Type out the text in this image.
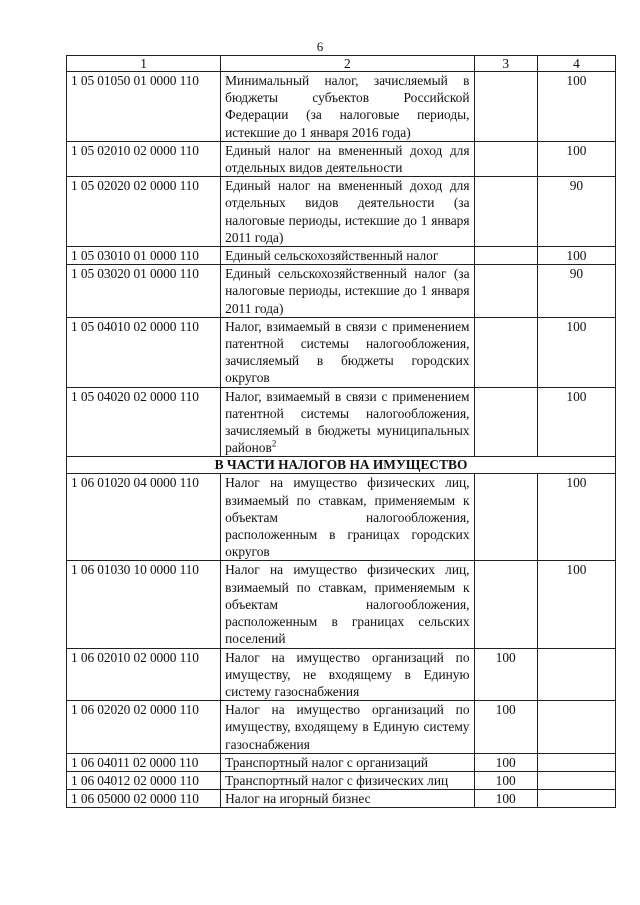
6
1	2	3	4
1 05 01050 01 0000 110	Минимальный налог, зачисляемый в бюджеты субъектов Российской Федерации (за налоговые периоды, истекшие до 1 января 2016 года)		100
1 05 02010 02 0000 110	Единый налог на вмененный доход для отдельных видов деятельности		100
1 05 02020 02 0000 110	Единый налог на вмененный доход для отдельных видов деятельности (за налоговые периоды, истекшие до 1 января 2011 года)		90
1 05 03010 01 0000 110	Единый сельскохозяйственный налог		100
1 05 03020 01 0000 110	Единый сельскохозяйственный налог (за налоговые периоды, истекшие до 1 января 2011 года)		90
1 05 04010 02 0000 110	Налог, взимаемый в связи с применением патентной системы налогообложения, зачисляемый в бюджеты городских округов		100
1 05 04020 02 0000 110	Налог, взимаемый в связи с применением патентной системы налогообложения, зачисляемый в бюджеты муниципальных районов$^2$		100
В ЧАСТИ НАЛОГОВ НА ИМУЩЕСТВО			
1 06 01020 04 0000 110	Налог на имущество физических лиц, взимаемый по ставкам, применяемым к объектам налогообложения, расположенным в границах городских округов		100
1 06 01030 10 0000 110	Налог на имущество физических лиц, взимаемый по ставкам, применяемым к объектам налогообложения, расположенным в границах сельских поселений		100
1 06 02010 02 0000 110	Налог на имущество организаций по имуществу, не входящему в Единую систему газоснабжения	100	
1 06 02020 02 0000 110	Налог на имущество организаций по имуществу, входящему в Единую систему газоснабжения	100	
1 06 04011 02 0000 110	Транспортный налог с организаций	100	
1 06 04012 02 0000 110	Транспортный налог с физических лиц	100	
1 06 05000 02 0000 110	Налог на игорный бизнес	100	
